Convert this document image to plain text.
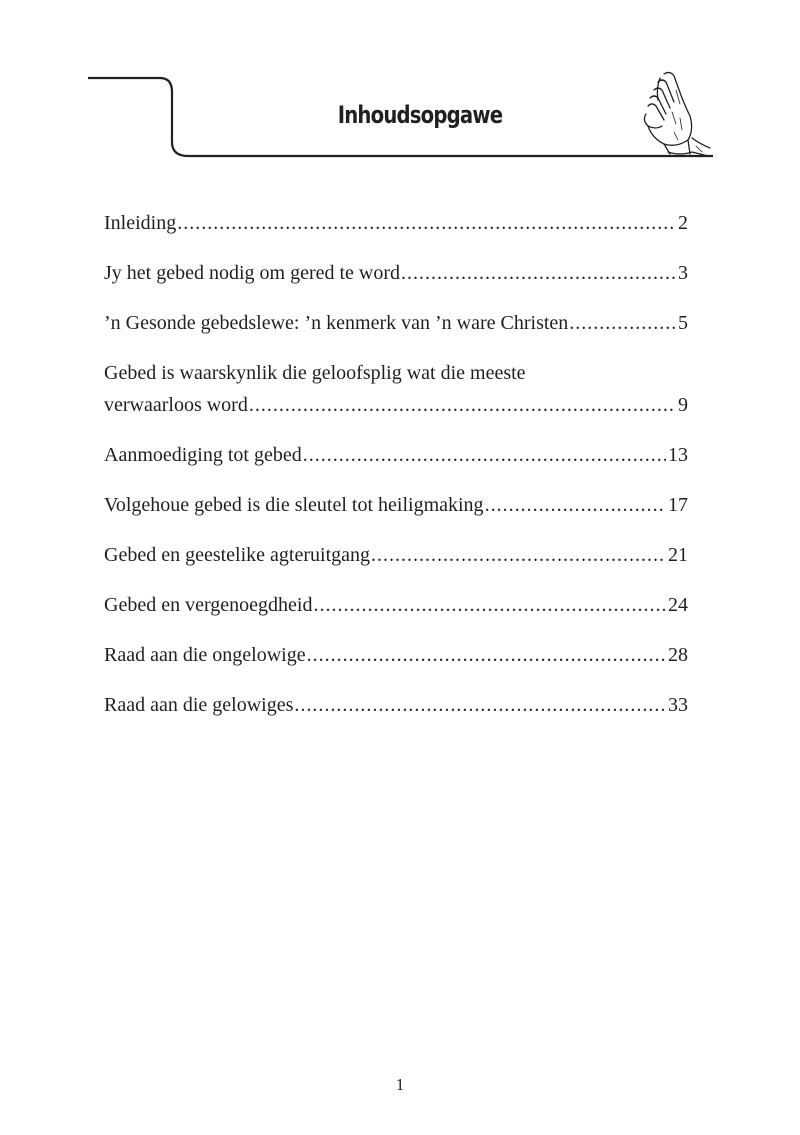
Inhoudsopgawe
Inleiding .....	2
Jy het gebed nodig om gered te word .....	3
’n Gesonde gebedslewe: ’n kenmerk van ’n ware Christen .....	5
Gebed is waarskynlik die geloofsplig wat die meeste
verwaarloos word .....	9
Aanmoediging tot gebed .....	13
Volgehoue gebed is die sleutel tot heiligmaking .....	17
Gebed en geestelike agteruitgang .....	21
Gebed en vergenoegdheid .....	24
Raad aan die ongelowige .....	28
Raad aan die gelowiges .....	33
1
